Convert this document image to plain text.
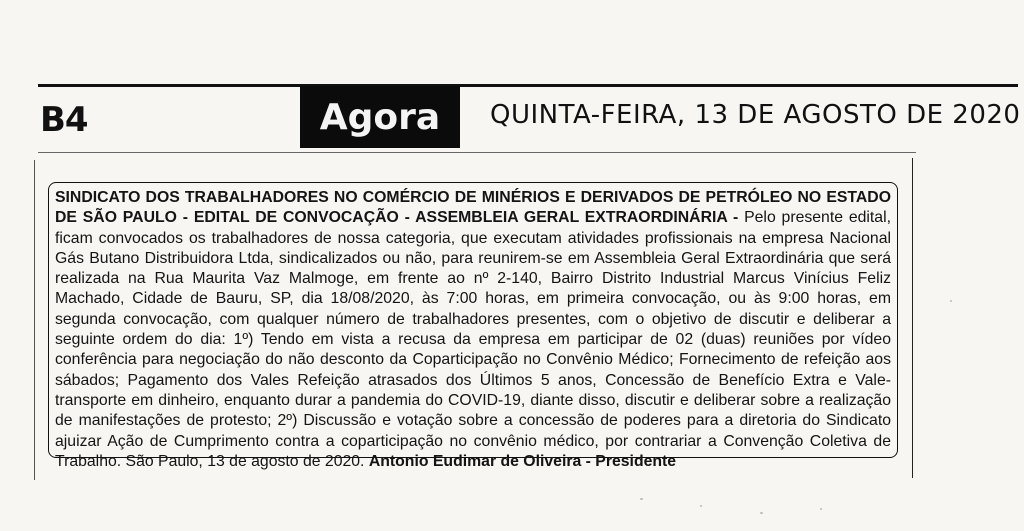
B4	Agora QUINTA-FEIRA, 13 DE AGOSTO DE 2020
SINDICATO DOS TRABALHADORES NO COMÉRCIO DE MINÉRIOS E DERIVADOS DE PETRÓLEO NO ESTADO DE SÃO PAULO - EDITAL DE CONVOCAÇÃO - ASSEMBLEIA GERAL EXTRAORDINÁRIA - Pelo presente edital, ficam convocados os trabalhadores de nossa categoria, que executam atividades profissionais na empresa Nacional Gás Butano Distribuidora Ltda, sindicalizados ou não, para reunirem-se em Assembleia Geral Extraordinária que será realizada na Rua Maurita Vaz Malmoge, em frente ao nº 2-140, Bairro Distrito Industrial Marcus Vinícius Feliz Machado, Cidade de Bauru, SP, dia 18/08/2020, às 7:00 horas, em primeira convocação, ou às 9:00 horas, em segunda convocação, com qualquer número de trabalhadores presentes, com o objetivo de discutir e deliberar a seguinte ordem do dia: 1º) Tendo em vista a recusa da empresa em participar de 02 (duas) reuniões por vídeo conferência para negociação do não desconto da Coparticipação no Convênio Médico; Fornecimento de refeição aos sábados; Pagamento dos Vales Refeição atrasados dos Últimos 5 anos, Concessão de Benefício Extra e Vale-transporte em dinheiro, enquanto durar a pandemia do COVID-19, diante disso, discutir e deliberar sobre a realização de manifestações de protesto; 2º) Discussão e votação sobre a concessão de poderes para a diretoria do Sindicato ajuizar Ação de Cumprimento contra a coparticipação no convênio médico, por contrariar a Convenção Coletiva de Trabalho. São Paulo, 13 de agosto de 2020. Antonio Eudimar de Oliveira - Presidente
